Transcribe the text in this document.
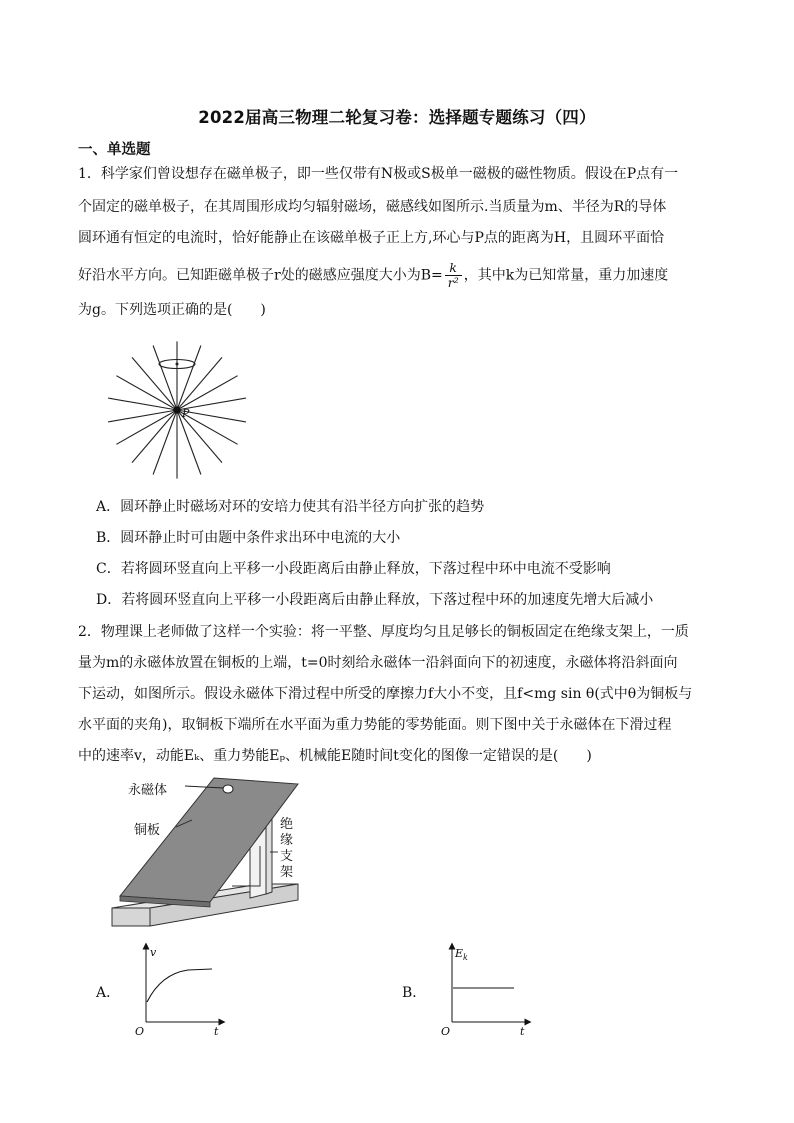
2022届高三物理二轮复习卷：选择题专题练习（四）
一、单选题
1．科学家们曾设想存在磁单极子，即一些仅带有N极或S极单一磁极的磁性物质。假设在P点有一
个固定的磁单极子，在其周围形成均匀辐射磁场，磁感线如图所示.当质量为m、半径为R的导体
圆环通有恒定的电流时，恰好能静止在该磁单极子正上方,环心与P点的距离为H，且圆环平面恰
好沿水平方向。已知距磁单极子r处的磁感应强度大小为$B= \frac{k}{\text{r²}}$ ，其中k为已知常量，重力加速度
为g。下列选项正确的是(　　)
P
A．圆环静止时磁场对环的安培力使其有沿半径方向扩张的趋势
B．圆环静止时可由题中条件求出环中电流的大小
C．若将圆环竖直向上平移一小段距离后由静止释放，下落过程中环中电流不受影响
D．若将圆环竖直向上平移一小段距离后由静止释放，下落过程中环的加速度先增大后减小
2．物理课上老师做了这样一个实验：将一平整、厚度均匀且足够长的铜板固定在绝缘支架上，一质
量为m的永磁体放置在铜板的上端，t=0时刻给永磁体一沿斜面向下的初速度，永磁体将沿斜面向
下运动，如图所示。假设永磁体下滑过程中所受的摩擦力f大小不变，且f<mg sin θ(式中θ为铜板与
水平面的夹角)，取铜板下端所在水平面为重力势能的零势能面。则下图中关于永磁体在下滑过程
中的速率v，动能Eₖ、重力势能Eₚ、机械能E随时间t变化的图像一定错误的是(　　)
永磁体
铜板	绝
缘
支
架
A．
v
t
O
B．
$E_k$
t
O
